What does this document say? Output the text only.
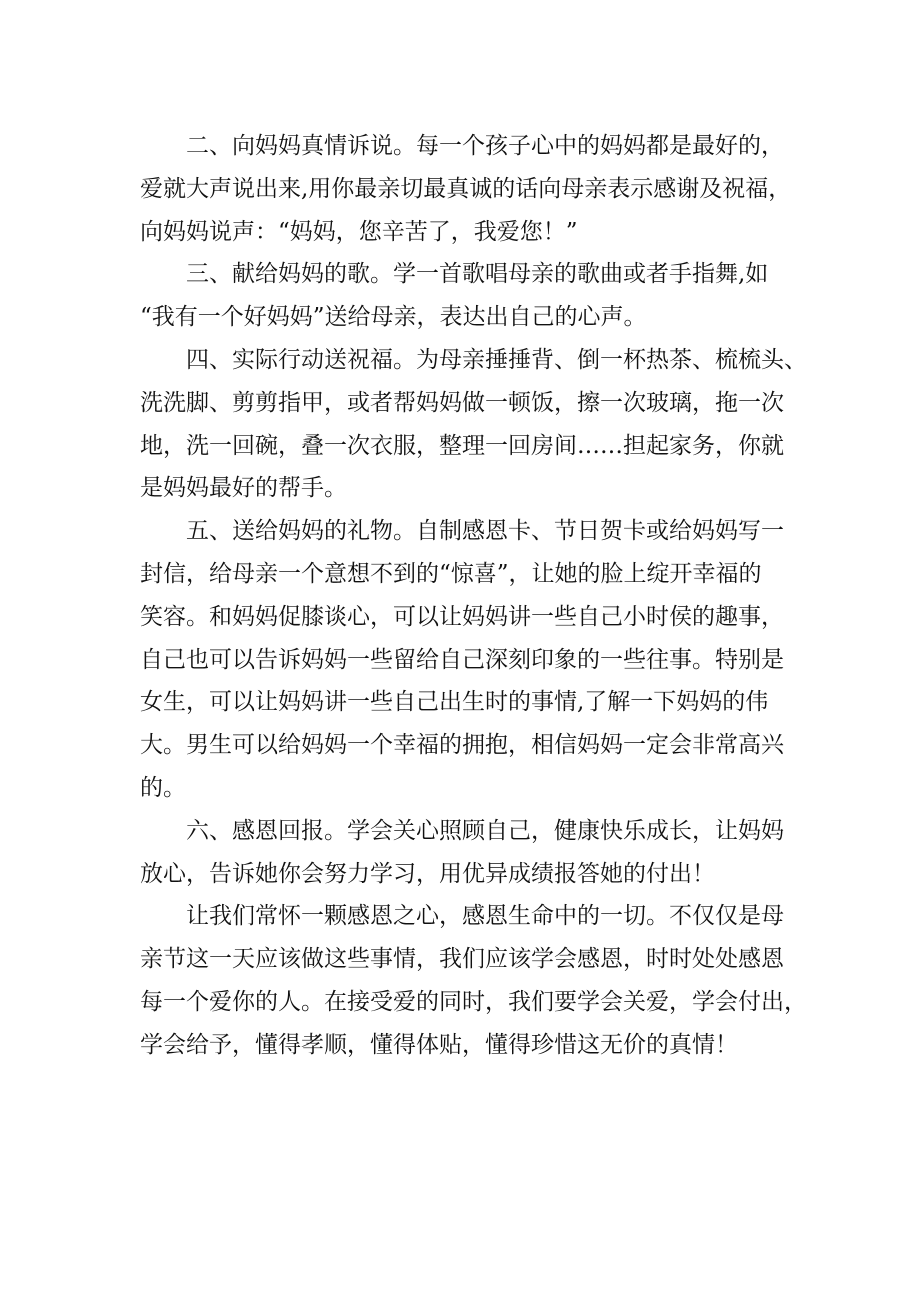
　　二、向妈妈真情诉说。每一个孩子心中的妈妈都是最好的，
爱就大声说出来,用你最亲切最真诚的话向母亲表示感谢及祝福，
向妈妈说声：“妈妈，您辛苦了，我爱您！”
　　三、献给妈妈的歌。学一首歌唱母亲的歌曲或者手指舞,如
“我有一个好妈妈”送给母亲，表达出自己的心声。
　　四、实际行动送祝福。为母亲捶捶背、倒一杯热茶、梳梳头、
洗洗脚、剪剪指甲，或者帮妈妈做一顿饭，擦一次玻璃，拖一次
地，洗一回碗，叠一次衣服，整理一回房间……担起家务，你就
是妈妈最好的帮手。
　　五、送给妈妈的礼物。自制感恩卡、节日贺卡或给妈妈写一
封信，给母亲一个意想不到的“惊喜”，让她的脸上绽开幸福的
笑容。和妈妈促膝谈心，可以让妈妈讲一些自己小时侯的趣事，
自己也可以告诉妈妈一些留给自己深刻印象的一些往事。特别是
女生，可以让妈妈讲一些自己出生时的事情,了解一下妈妈的伟
大。男生可以给妈妈一个幸福的拥抱，相信妈妈一定会非常高兴
的。
　　六、感恩回报。学会关心照顾自己，健康快乐成长，让妈妈
放心，告诉她你会努力学习，用优异成绩报答她的付出！
　　让我们常怀一颗感恩之心，感恩生命中的一切。不仅仅是母
亲节这一天应该做这些事情，我们应该学会感恩，时时处处感恩
每一个爱你的人。在接受爱的同时，我们要学会关爱，学会付出，
学会给予，懂得孝顺，懂得体贴，懂得珍惜这无价的真情！
